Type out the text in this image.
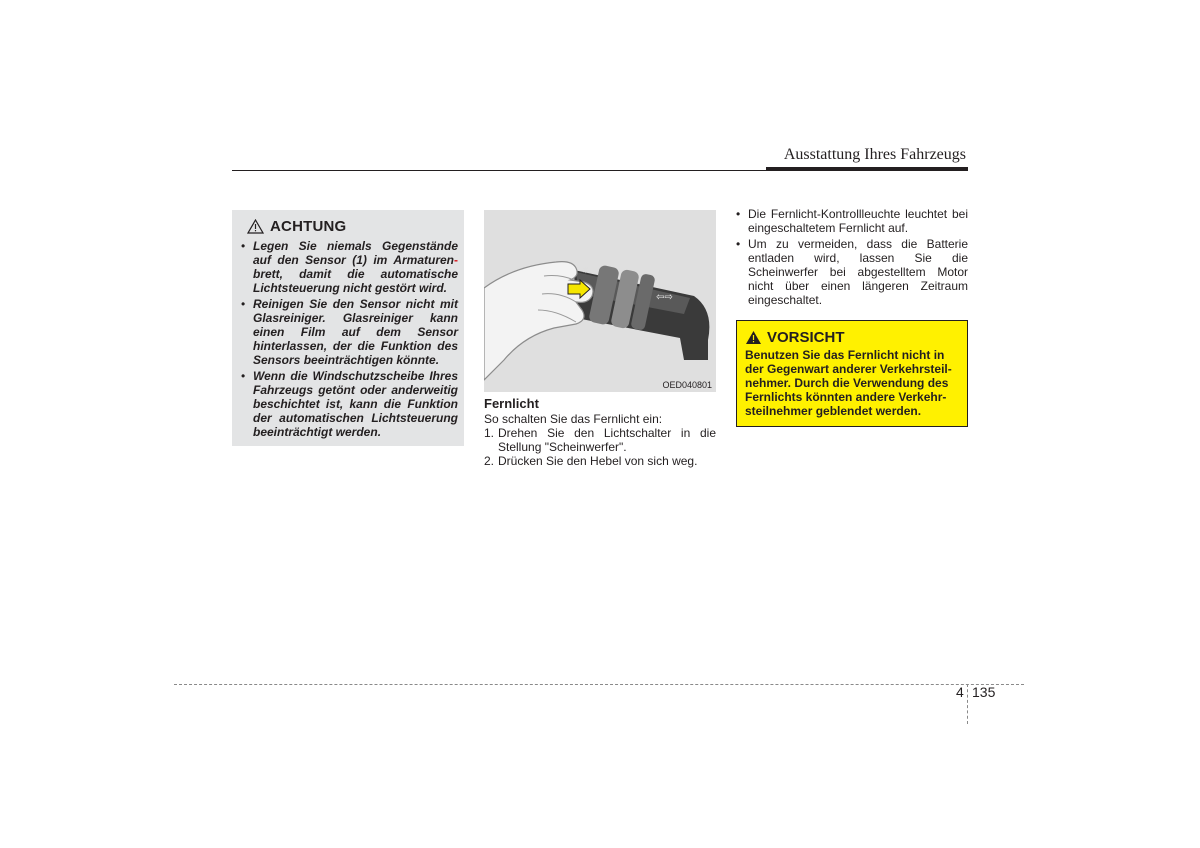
Ausstattung Ihres Fahrzeugs
ACHTUNG
• Legen Sie niemals Gegenstände auf den Sensor (1) im Armaturen- brett, damit die automatische Lichtsteuerung nicht gestört wird.
• Reinigen Sie den Sensor nicht mit Glasreiniger. Glasreiniger kann einen Film auf dem Sensor hinterlassen, der die Funktion des Sensors beeinträchtigen könnte.
• Wenn die Windschutzscheibe Ihres Fahrzeugs getönt oder anderweitig beschichtet ist, kann die Funktion der automatischen Lichtsteuerung beeinträchtigt werden.
☼
⇦⇨
OED040801
Fernlicht

So schalten Sie das Fernlicht ein:

1. Drehen Sie den Lichtschalter in die Stellung "Scheinwerfer".
2. Drücken Sie den Hebel von sich weg.
• Die Fernlicht-Kontrollleuchte leuchtet bei eingeschaltetem Fernlicht auf.
• Um zu vermeiden, dass die Batterie entladen wird, lassen Sie die Scheinwerfer bei abgestelltem Motor nicht über einen längeren Zeitraum eingeschaltet.
VORSICHT

Benutzen Sie das Fernlicht nicht in der Gegenwart anderer Verkehrsteil-nehmer. Durch die Verwendung des Fernlichts könnten andere Verkehr-steilnehmer geblendet werden.

4 135
